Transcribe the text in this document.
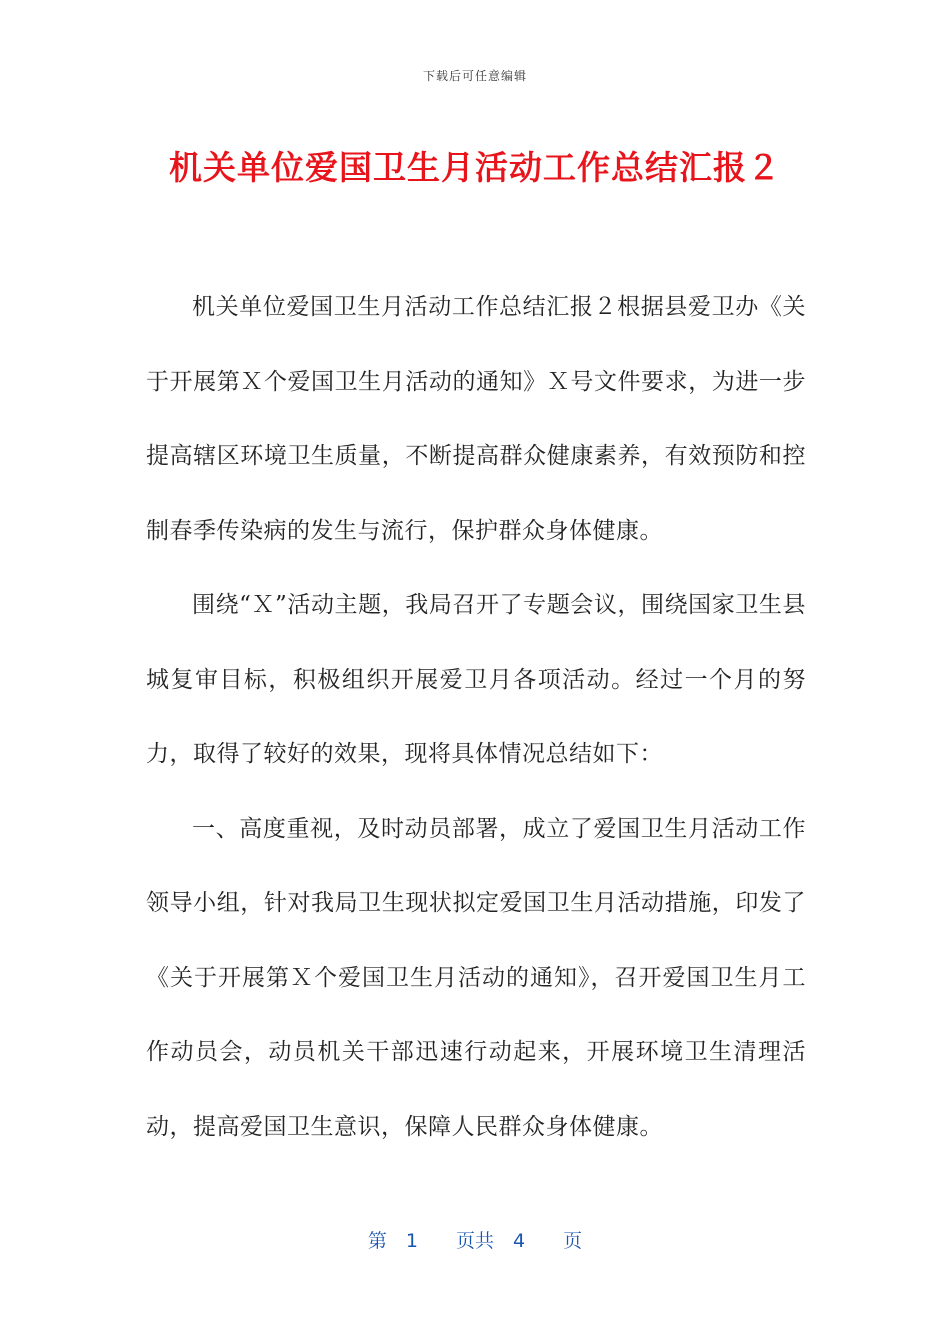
下载后可任意编辑
机关单位爱国卫生月活动工作总结汇报２

机关单位爱国卫生月活动工作总结汇报２根据县爱卫办《关于开展第Ｘ个爱国卫生月活动的通知》Ｘ号文件要求，为进一步提高辖区环境卫生质量，不断提高群众健康素养，有效预防和控制春季传染病的发生与流行，保护群众身体健康。

围绕“Ｘ”活动主题，我局召开了专题会议，围绕国家卫生县城复审目标，积极组织开展爱卫月各项活动。经过一个月的努力，取得了较好的效果，现将具体情况总结如下：

一、高度重视，及时动员部署，成立了爱国卫生月活动工作领导小组，针对我局卫生现状拟定爱国卫生月活动措施，印发了《关于开展第Ｘ个爱国卫生月活动的通知》，召开爱国卫生月工作动员会，动员机关干部迅速行动起来，开展环境卫生清理活动，提高爱国卫生意识，保障人民群众身体健康。

第　1　　页共　4　　页
